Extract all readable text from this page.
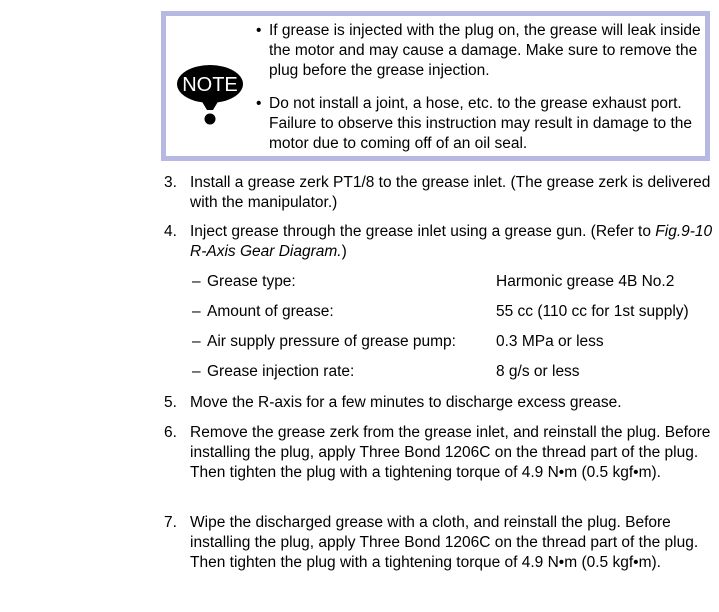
NOTE

• If grease is injected with the plug on, the grease will leak inside the motor and may cause a damage. Make sure to remove the plug before the grease injection.

• Do not install a joint, a hose, etc. to the grease exhaust port. Failure to observe this instruction may result in damage to the motor due to coming off of an oil seal.

3. Install a grease zerk PT1/8 to the grease inlet. (The grease zerk is delivered with the manipulator.)

4. Inject grease through the grease inlet using a grease gun. (Refer to Fig.9-10 R-Axis Gear Diagram.)

– Grease type:	Harmonic grease 4B No.2
– Amount of grease:	55 cc (110 cc for 1st supply)
– Air supply pressure of grease pump:	0.3 MPa or less
– Grease injection rate:	8 g/s or less

5. Move the R-axis for a few minutes to discharge excess grease.

6. Remove the grease zerk from the grease inlet, and reinstall the plug. Before installing the plug, apply Three Bond 1206C on the thread part of the plug. Then tighten the plug with a tightening torque of 4.9 N•m (0.5 kgf•m).

7. Wipe the discharged grease with a cloth, and reinstall the plug. Before installing the plug, apply Three Bond 1206C on the thread part of the plug. Then tighten the plug with a tightening torque of 4.9 N•m (0.5 kgf•m).
